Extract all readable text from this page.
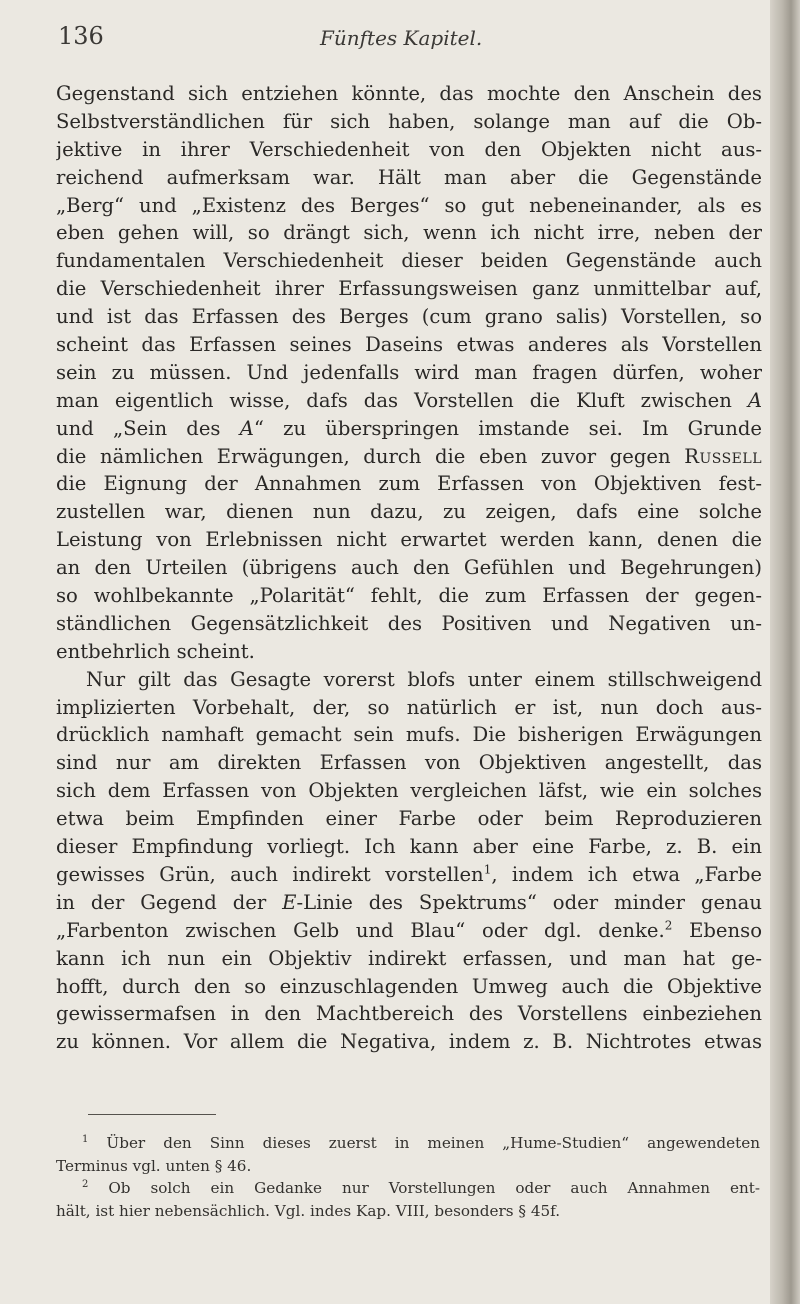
136	Fünftes Kapitel.
Gegenstand sich entziehen könnte, das mochte den Anschein des
Selbstverständlichen für sich haben, solange man auf die Ob-
jektive in ihrer Verschiedenheit von den Objekten nicht aus-
reichend aufmerksam war. Hält man aber die Gegenstände
„Berg“ und „Existenz des Berges“ so gut nebeneinander, als es
eben gehen will, so drängt sich, wenn ich nicht irre, neben der
fundamentalen Verschiedenheit dieser beiden Gegenstände auch
die Verschiedenheit ihrer Erfassungsweisen ganz unmittelbar auf,
und ist das Erfassen des Berges (cum grano salis) Vorstellen, so
scheint das Erfassen seines Daseins etwas anderes als Vorstellen
sein zu müssen. Und jedenfalls wird man fragen dürfen, woher
man eigentlich wisse, dafs das Vorstellen die Kluft zwischen A
und „Sein des A“ zu überspringen imstande sei. Im Grunde
die nämlichen Erwägungen, durch die eben zuvor gegen Russell
die Eignung der Annahmen zum Erfassen von Objektiven fest-
zustellen war, dienen nun dazu, zu zeigen, dafs eine solche
Leistung von Erlebnissen nicht erwartet werden kann, denen die
an den Urteilen (übrigens auch den Gefühlen und Begehrungen)
so wohlbekannte „Polarität“ fehlt, die zum Erfassen der gegen-
ständlichen Gegensätzlichkeit des Positiven und Negativen un-
entbehrlich scheint.
Nur gilt das Gesagte vorerst blofs unter einem stillschweigend
implizierten Vorbehalt, der, so natürlich er ist, nun doch aus-
drücklich namhaft gemacht sein mufs. Die bisherigen Erwägungen
sind nur am direkten Erfassen von Objektiven angestellt, das
sich dem Erfassen von Objekten vergleichen läfst, wie ein solches
etwa beim Empfinden einer Farbe oder beim Reproduzieren
dieser Empfindung vorliegt. Ich kann aber eine Farbe, z. B. ein
gewisses Grün, auch indirekt vorstellen$^1$, indem ich etwa „Farbe
in der Gegend der E-Linie des Spektrums“ oder minder genau
„Farbenton zwischen Gelb und Blau“ oder dgl. denke.$^2$ Ebenso
kann ich nun ein Objektiv indirekt erfassen, und man hat ge-
hofft, durch den so einzuschlagenden Umweg auch die Objektive
gewissermafsen in den Machtbereich des Vorstellens einbeziehen
zu können. Vor allem die Negativa, indem z. B. Nichtrotes etwas
$^1$ Über den Sinn dieses zuerst in meinen „Hume-Studien“ angewendeten
Terminus vgl. unten § 46.
$^2$ Ob solch ein Gedanke nur Vorstellungen oder auch Annahmen ent-
hält, ist hier nebensächlich. Vgl. indes Kap. VIII, besonders § 45f.
